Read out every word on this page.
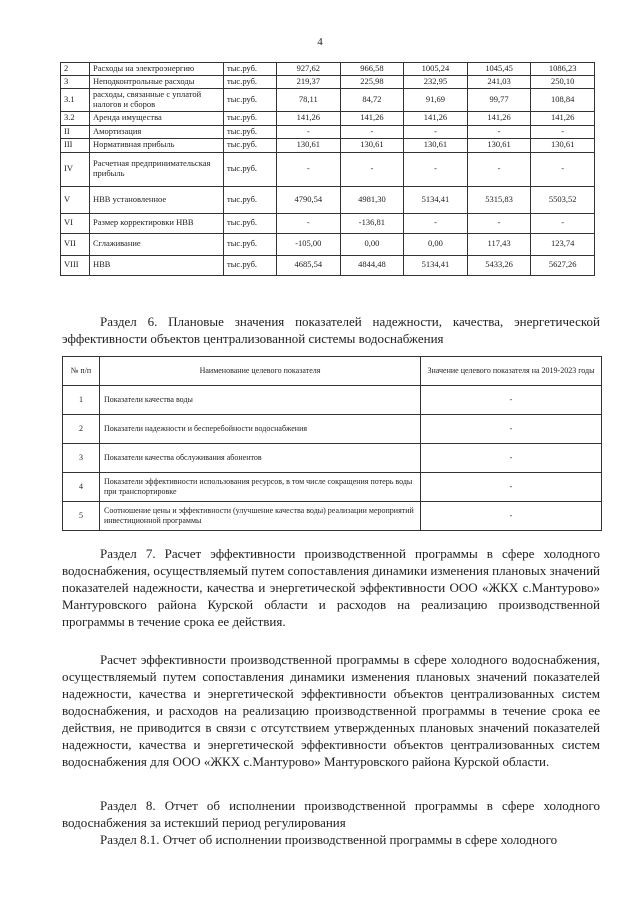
4
2	Расходы на электроэнергию	тыс.руб.	927,62	966,58	1005,24	1045,45	1086,23
3	Неподконтрольные расходы	тыс.руб.	219,37	225,98	232,95	241,03	250,10
3.1	расходы, связанные с уплатой налогов и сборов	тыс.руб.	78,11	84,72	91,69	99,77	108,84
3.2	Аренда имущества	тыс.руб.	141,26	141,26	141,26	141,26	141,26
II	Амортизация	тыс.руб.	-	-	-	-	-
III	Нормативная прибыль	тыс.руб.	130,61	130,61	130,61	130,61	130,61
IV	Расчетная предпринимательская прибыль	тыс.руб.	-	-	-	-	-
V	НВВ установленное	тыс.руб.	4790,54	4981,30	5134,41	5315,83	5503,52
VI	Размер корректировки НВВ	тыс.руб.	-	-136,81	-	-	-
VII	Сглаживание	тыс.руб.	-105,00	0,00	0,00	117,43	123,74
VIII	НВВ	тыс.руб.	4685,54	4844,48	5134,41	5433,26	5627,26
Раздел 6. Плановые значения показателей надежности, качества, энергетической эффективности объектов централизованной системы водоснабжения
№ п/п	Наименование целевого показателя	Значение целевого показателя на 2019-2023 годы
1	Показатели качества воды	-
2	Показатели надежности и бесперебойности водоснабжения	-
3	Показатели качества обслуживания абонентов	-
4	Показатели эффективности использования ресурсов, в том числе сокращения потерь воды при транспортировке	-
5	Соотношение цены и эффективности (улучшение качества воды) реализации мероприятий инвестиционной программы	-
Раздел 7. Расчет эффективности производственной программы в сфере холодного водоснабжения, осуществляемый путем сопоставления динамики изменения плановых значений показателей надежности, качества и энергетической эффективности ООО «ЖКХ с.Мантурово» Мантуровского района Курской области и расходов на реализацию производственной программы в течение срока ее действия.
Расчет эффективности производственной программы в сфере холодного водоснабжения, осуществляемый путем сопоставления динамики изменения плановых значений показателей надежности, качества и энергетической эффективности объектов централизованных систем водоснабжения, и расходов на реализацию производственной программы в течение срока ее действия, не приводится в связи с отсутствием утвержденных плановых значений показателей надежности, качества и энергетической эффективности объектов централизованных систем водоснабжения для ООО «ЖКХ с.Мантурово» Мантуровского района Курской области.
Раздел 8. Отчет об исполнении производственной программы в сфере холодного водоснабжения за истекший период регулирования
Раздел 8.1. Отчет об исполнении производственной программы в сфере холодного
